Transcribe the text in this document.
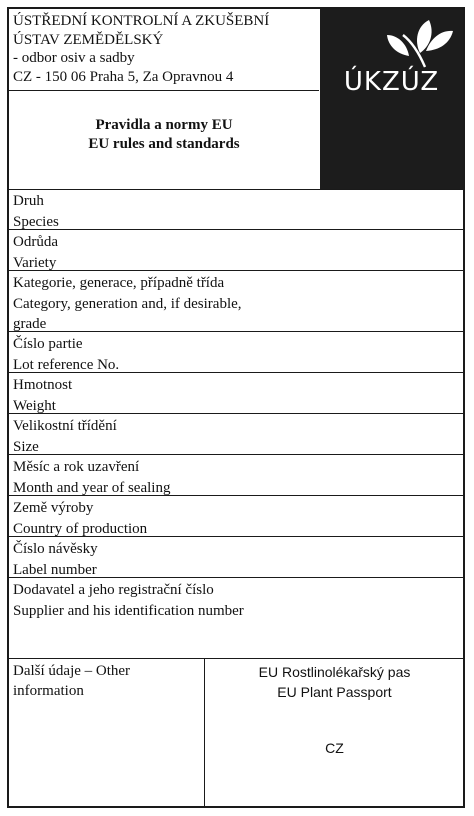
ÚSTŘEDNÍ KONTROLNÍ A ZKUŠEBNÍ
ÚSTAV ZEMĚDĚLSKÝ
- odbor osiv a sadby
CZ - 150 06 Praha 5, Za Opravnou 4
Pravidla a normy EU
EU rules and standards
ÚKZÚZ
Druh
Species
Odrůda
Variety
Kategorie, generace, případně třída
Category, generation and, if desirable,
grade
Číslo partie
Lot reference No.
Hmotnost
Weight
Velikostní třídění
Size
Měsíc a rok uzavření
Month and year of sealing
Země výroby
Country of production
Číslo návěsky
Label number
Dodavatel a jeho registrační číslo
Supplier and his identification number
Další údaje – Other
information
EU Rostlinolékařský pas
EU Plant Passport
CZ
